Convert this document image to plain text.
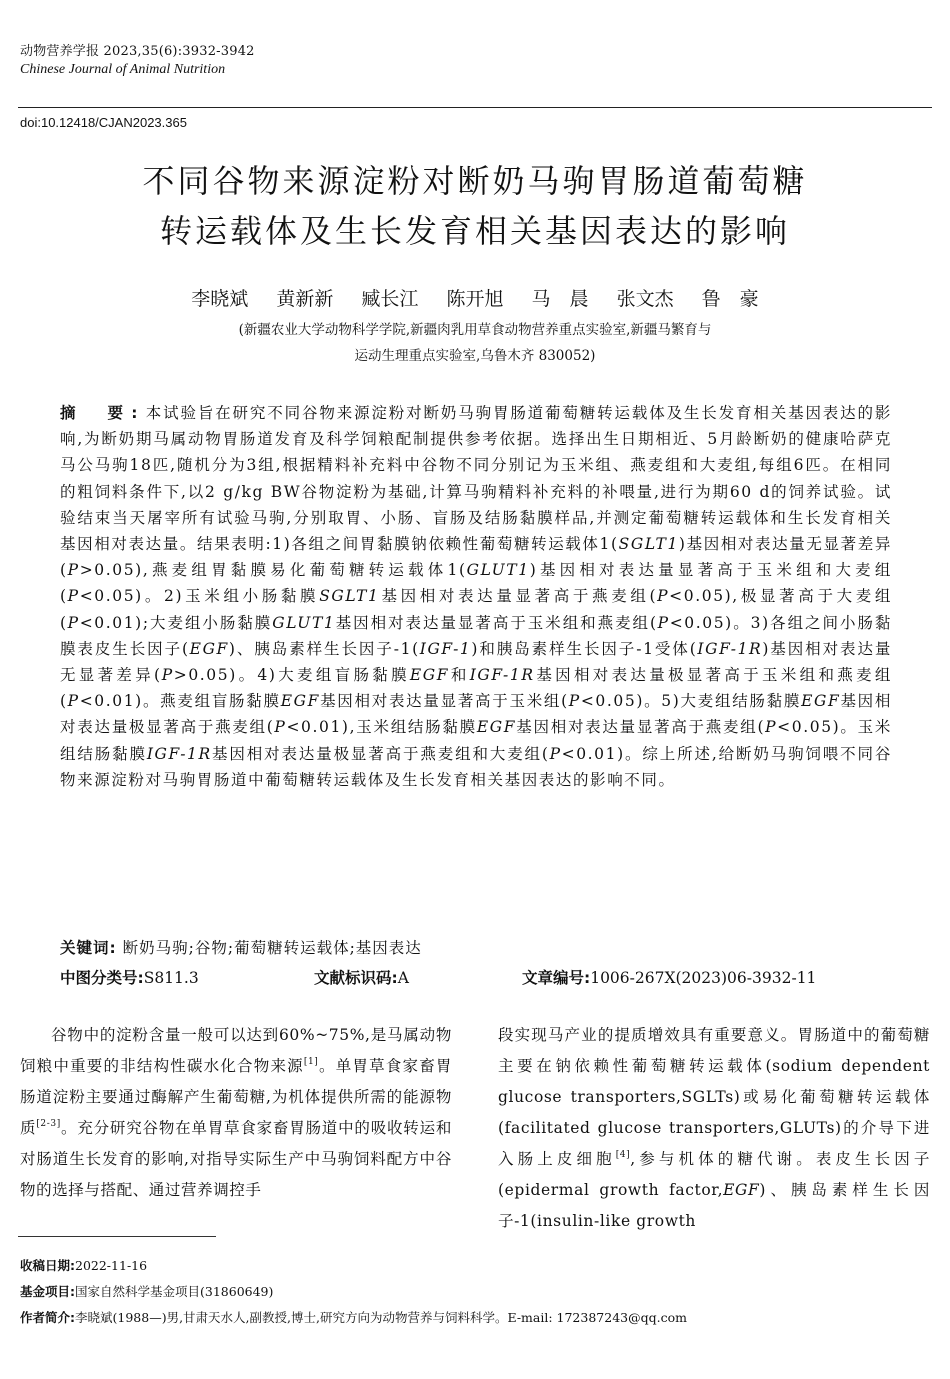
动物营养学报 2023,35(6):3932-3942
Chinese Journal of Animal Nutrition
doi:10.12418/CJAN2023.365
不同谷物来源淀粉对断奶马驹胃肠道葡萄糖
转运载体及生长发育相关基因表达的影响
李晓斌 黄新新 臧长江 陈开旭 马　晨 张文杰 鲁　豪
(新疆农业大学动物科学学院,新疆肉乳用草食动物营养重点实验室,新疆马繁育与
运动生理重点实验室,乌鲁木齐 830052)
摘　要:本试验旨在研究不同谷物来源淀粉对断奶马驹胃肠道葡萄糖转运载体及生长发育相关基因表达的影响,为断奶期马属动物胃肠道发育及科学饲粮配制提供参考依据。选择出生日期相近、5月龄断奶的健康哈萨克马公马驹18匹,随机分为3组,根据精料补充料中谷物不同分别记为玉米组、燕麦组和大麦组,每组6匹。在相同的粗饲料条件下,以2 g/kg BW谷物淀粉为基础,计算马驹精料补充料的补喂量,进行为期60 d的饲养试验。试验结束当天屠宰所有试验马驹,分别取胃、小肠、盲肠及结肠黏膜样品,并测定葡萄糖转运载体和生长发育相关基因相对表达量。结果表明:1)各组之间胃黏膜钠依赖性葡萄糖转运载体1(SGLT1)基因相对表达量无显著差异(P>0.05),燕麦组胃黏膜易化葡萄糖转运载体1(GLUT1)基因相对表达量显著高于玉米组和大麦组(P<0.05)。2)玉米组小肠黏膜SGLT1基因相对表达量显著高于燕麦组(P<0.05),极显著高于大麦组(P<0.01);大麦组小肠黏膜GLUT1基因相对表达量显著高于玉米组和燕麦组(P<0.05)。3)各组之间小肠黏膜表皮生长因子(EGF)、胰岛素样生长因子-1(IGF-1)和胰岛素样生长因子-1受体(IGF-1R)基因相对表达量无显著差异(P>0.05)。4)大麦组盲肠黏膜EGF和IGF-1R基因相对表达量极显著高于玉米组和燕麦组(P<0.01)。燕麦组盲肠黏膜EGF基因相对表达量显著高于玉米组(P<0.05)。5)大麦组结肠黏膜EGF基因相对表达量极显著高于燕麦组(P<0.01),玉米组结肠黏膜EGF基因相对表达量显著高于燕麦组(P<0.05)。玉米组结肠黏膜IGF-1R基因相对表达量极显著高于燕麦组和大麦组(P<0.01)。综上所述,给断奶马驹饲喂不同谷物来源淀粉对马驹胃肠道中葡萄糖转运载体及生长发育相关基因表达的影响不同。
关键词: 断奶马驹;谷物;葡萄糖转运载体;基因表达
中图分类号:S811.3	文献标识码:A	文章编号:1006-267X(2023)06-3932-11

谷物中的淀粉含量一般可以达到60%~75%,是马属动物饲粮中重要的非结构性碳水化合物来源[1]。单胃草食家畜胃肠道淀粉主要通过酶解产生葡萄糖,为机体提供所需的能源物质[2-3]。充分研究谷物在单胃草食家畜胃肠道中的吸收转运和对肠道生长发育的影响,对指导实际生产中马驹饲料配方中谷物的选择与搭配、通过营养调控手

段实现马产业的提质增效具有重要意义。胃肠道中的葡萄糖主要在钠依赖性葡萄糖转运载体(sodium dependent glucose transporters,SGLTs)或易化葡萄糖转运载体(facilitated glucose transporters,GLUTs)的介导下进入肠上皮细胞[4],参与机体的糖代谢。表皮生长因子(epidermal growth factor,EGF)、胰岛素样生长因子-1(insulin-like growth

收稿日期:2022-11-16
基金项目:国家自然科学基金项目(31860649)
作者简介:李晓斌(1988—)男,甘肃天水人,副教授,博士,研究方向为动物营养与饲料科学。E-mail: 172387243@qq.com
